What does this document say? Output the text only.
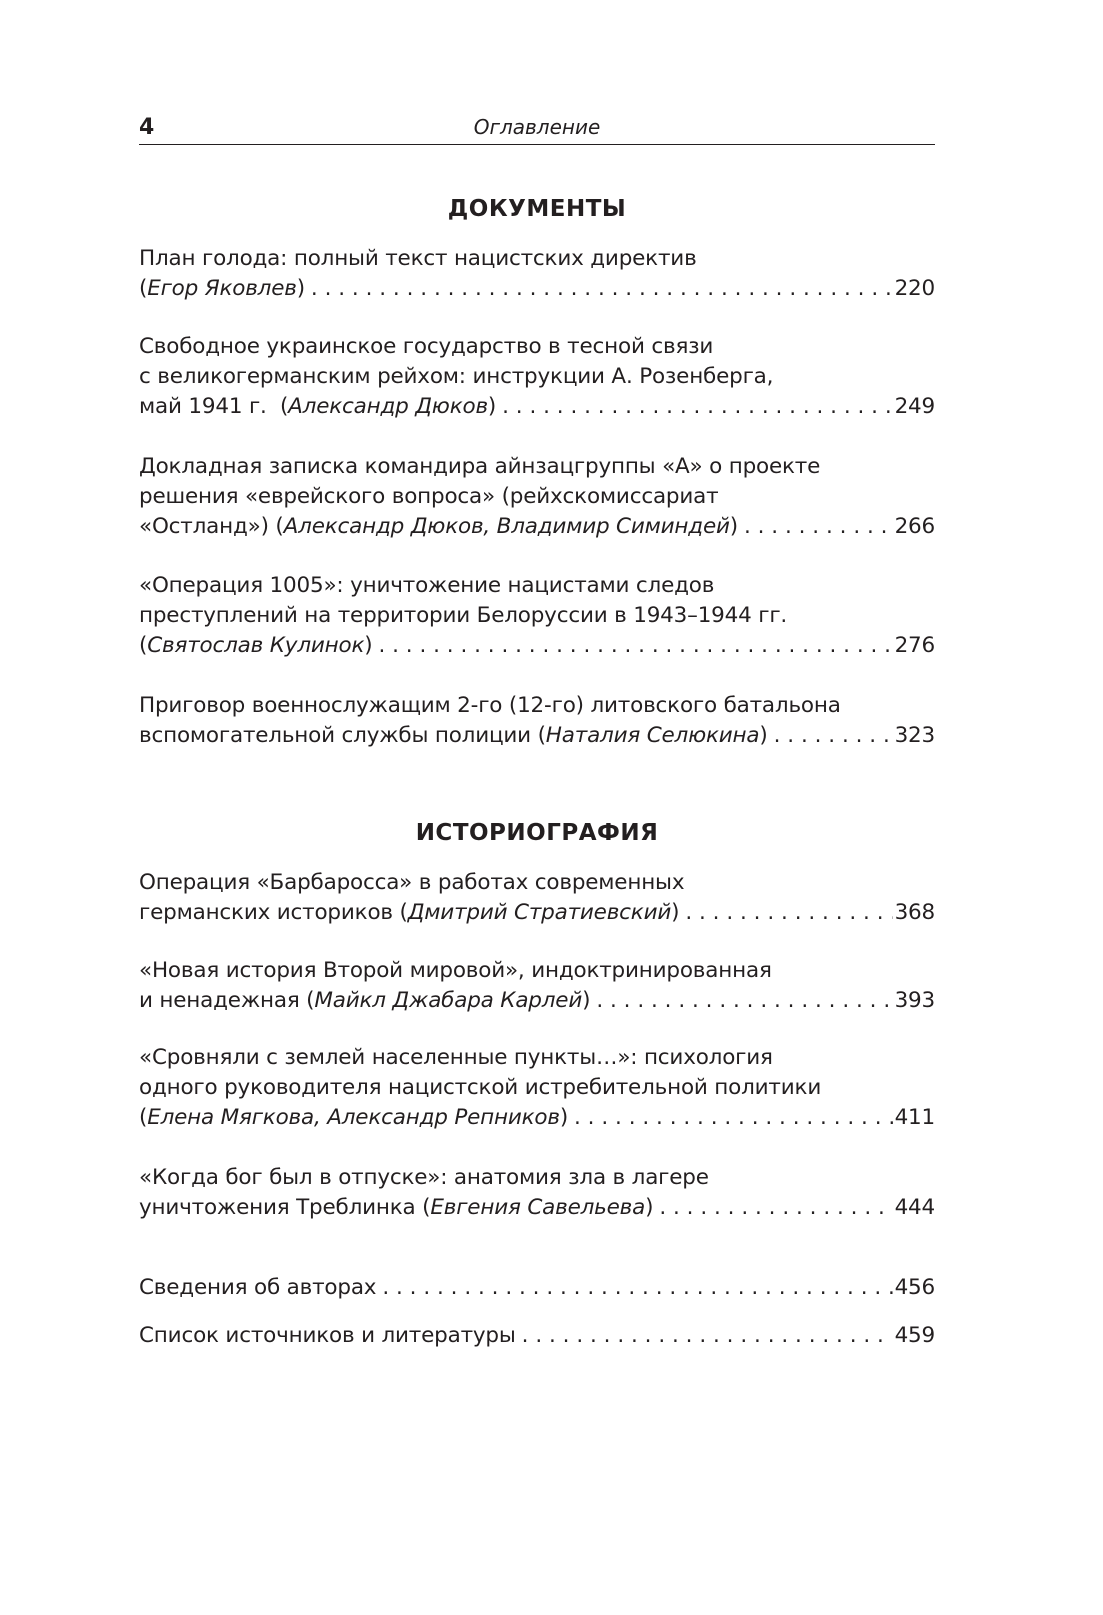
4	Оглавление
ДОКУМЕНТЫ
План голода: полный текст нацистских директив
( Егор Яковлев ) . . .	220
Свободное украинское государство в тесной связи
с великогерманским рейхом: инструкции А. Розенберга,
май 1941 г.  ( Александр Дюков ) . . .	249
Докладная записка командира айнзацгруппы «А» о проекте
решения «еврейского вопроса» (рейхскомиссариат
«Остланд») ( Александр Дюков, Владимир Симиндей ) . . .	266
«Операция 1005»: уничтожение нацистами следов
преступлений на территории Белоруссии в 1943–1944 гг.
( Святослав Кулинок ) . . .	276
Приговор военнослужащим 2-го (12-го) литовского батальона
вспомогательной службы полиции ( Наталия Селюкина ) . . .	323
ИСТОРИОГРАФИЯ
Операция «Барбаросса» в работах современных
германских историков ( Дмитрий Стратиевский ) . . .	368
«Новая история Второй мировой», индоктринированная
и ненадежная ( Майкл Джабара Карлей ) . . .	393
«Сровняли с землей населенные пункты…»: психология
одного руководителя нацистской истребительной политики
( Елена Мягкова, Александр Репников ) . . .	411
«Когда бог был в отпуске»: анатомия зла в лагере
уничтожения Треблинка ( Евгения Савельева ) . . .	444
Сведения об авторах . . .	456
Список источников и литературы . . .	459
